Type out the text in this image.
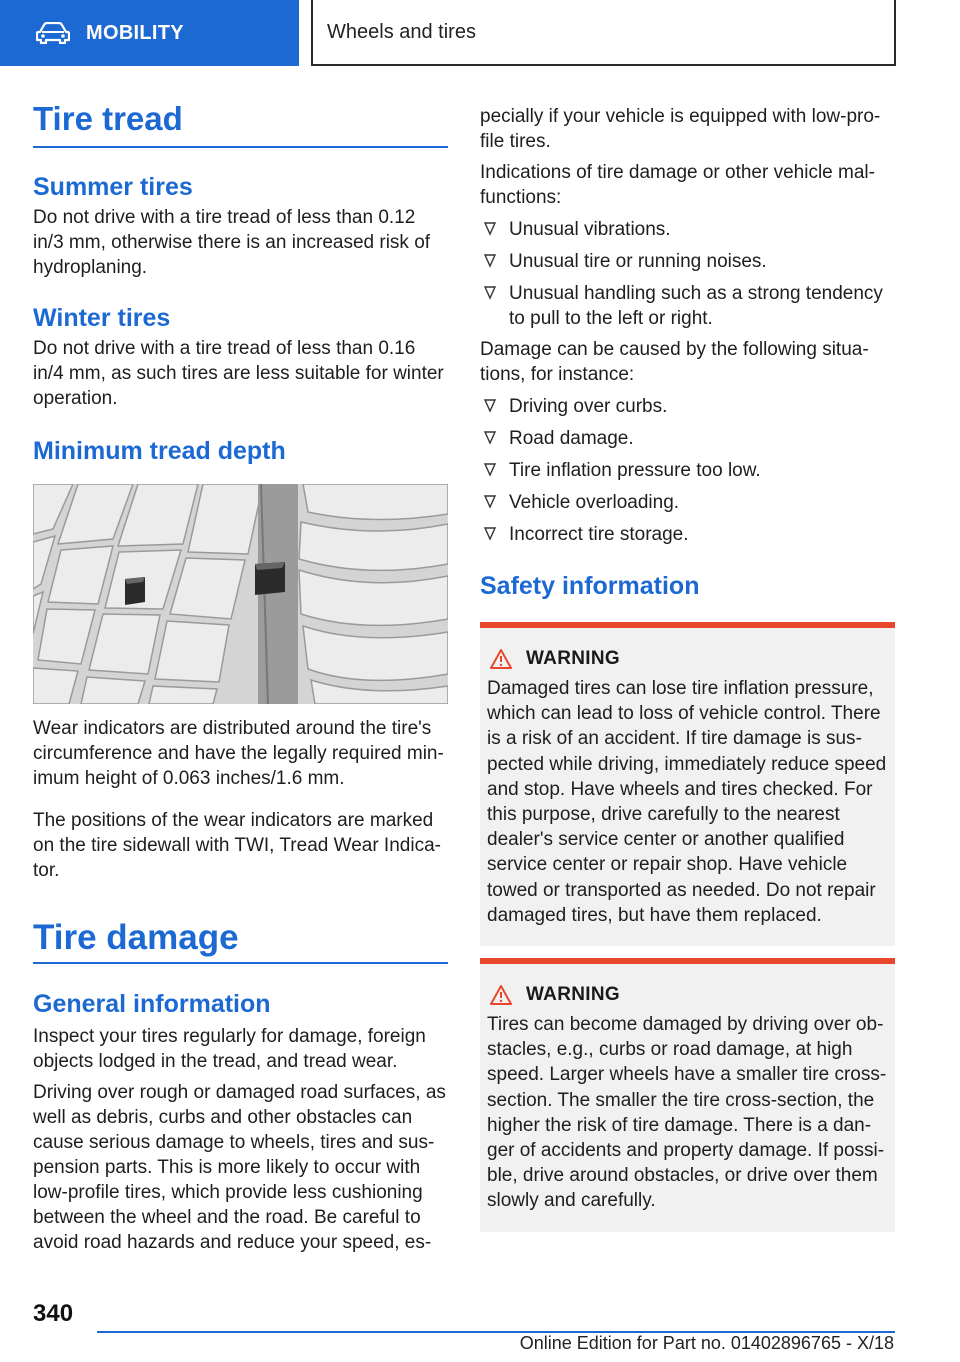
MOBILITY	Wheels and tires
Tire tread
Summer tires

Do not drive with a tire tread of less than 0.12 in/3 mm, otherwise there is an increased risk of hydroplaning.

Winter tires

Do not drive with a tire tread of less than 0.16 in/4 mm, as such tires are less suitable for winter operation.

Minimum tread depth

Wear indicators are distributed around the tire's circumference and have the legally required minimum height of 0.063 inches/1.6 mm.

The positions of the wear indicators are marked on the tire sidewall with TWI, Tread Wear Indicator.

Tire damage
General information

Inspect your tires regularly for damage, foreign objects lodged in the tread, and tread wear.

Driving over rough or damaged road surfaces, as well as debris, curbs and other obstacles can cause serious damage to wheels, tires and suspension parts. This is more likely to occur with low-profile tires, which provide less cushioning between the wheel and the road. Be careful to avoid road hazards and reduce your speed, es-

pecially if your vehicle is equipped with low-profile tires.

Indications of tire damage or other vehicle malfunctions:

Unusual vibrations.
Unusual tire or running noises.
Unusual handling such as a strong tendency to pull to the left or right.

Damage can be caused by the following situations, for instance:

Driving over curbs.
Road damage.
Tire inflation pressure too low.
Vehicle overloading.
Incorrect tire storage.
Safety information
WARNING

Damaged tires can lose tire inflation pressure, which can lead to loss of vehicle control. There is a risk of an accident. If tire damage is suspected while driving, immediately reduce speed and stop. Have wheels and tires checked. For this purpose, drive carefully to the nearest dealer's service center or another qualified service center or repair shop. Have vehicle towed or transported as needed. Do not repair damaged tires, but have them replaced.

WARNING

Tires can become damaged by driving over obstacles, e.g., curbs or road damage, at high speed. Larger wheels have a smaller tire cross-section. The smaller the tire cross-section, the higher the risk of tire damage. There is a danger of accidents and property damage. If possible, drive around obstacles, or drive over them slowly and carefully.

340
Online Edition for Part no. 01402896765 - X/18
